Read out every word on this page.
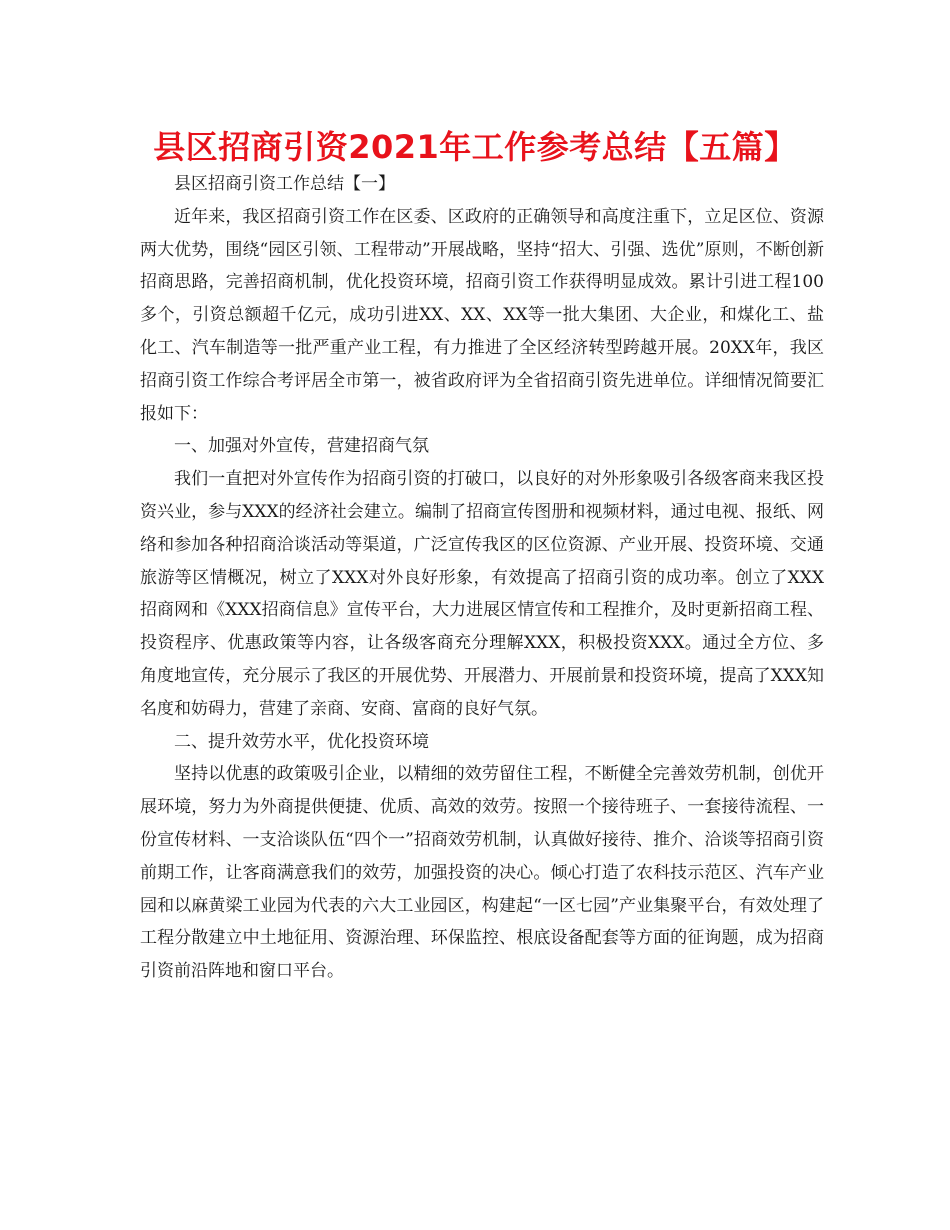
县区招商引资2021年工作参考总结【五篇】

县区招商引资工作总结【一】

近年来，我区招商引资工作在区委、区政府的正确领导和高度注重下，立足区位、资源两大优势，围绕“园区引领、工程带动”开展战略，坚持“招大、引强、选优”原则，不断创新招商思路，完善招商机制，优化投资环境，招商引资工作获得明显成效。累计引进工程100多个，引资总额超千亿元，成功引进XX、XX、XX等一批大集团、大企业，和煤化工、盐化工、汽车制造等一批严重产业工程，有力推进了全区经济转型跨越开展。20XX年，我区招商引资工作综合考评居全市第一，被省政府评为全省招商引资先进单位。详细情况简要汇报如下：

一、加强对外宣传，营建招商气氛

我们一直把对外宣传作为招商引资的打破口，以良好的对外形象吸引各级客商来我区投资兴业，参与XXX的经济社会建立。编制了招商宣传图册和视频材料，通过电视、报纸、网络和参加各种招商洽谈活动等渠道，广泛宣传我区的区位资源、产业开展、投资环境、交通旅游等区情概况，树立了XXX对外良好形象，有效提高了招商引资的成功率。创立了XXX招商网和《XXX招商信息》宣传平台，大力进展区情宣传和工程推介，及时更新招商工程、投资程序、优惠政策等内容，让各级客商充分理解XXX，积极投资XXX。通过全方位、多角度地宣传，充分展示了我区的开展优势、开展潜力、开展前景和投资环境，提高了XXX知名度和妨碍力，营建了亲商、安商、富商的良好气氛。

二、提升效劳水平，优化投资环境

坚持以优惠的政策吸引企业，以精细的效劳留住工程，不断健全完善效劳机制，创优开展环境，努力为外商提供便捷、优质、高效的效劳。按照一个接待班子、一套接待流程、一份宣传材料、一支洽谈队伍“四个一”招商效劳机制，认真做好接待、推介、洽谈等招商引资前期工作，让客商满意我们的效劳，加强投资的决心。倾心打造了农科技示范区、汽车产业园和以麻黄梁工业园为代表的六大工业园区，构建起“一区七园”产业集聚平台，有效处理了工程分散建立中土地征用、资源治理、环保监控、根底设备配套等方面的征询题，成为招商引资前沿阵地和窗口平台。
